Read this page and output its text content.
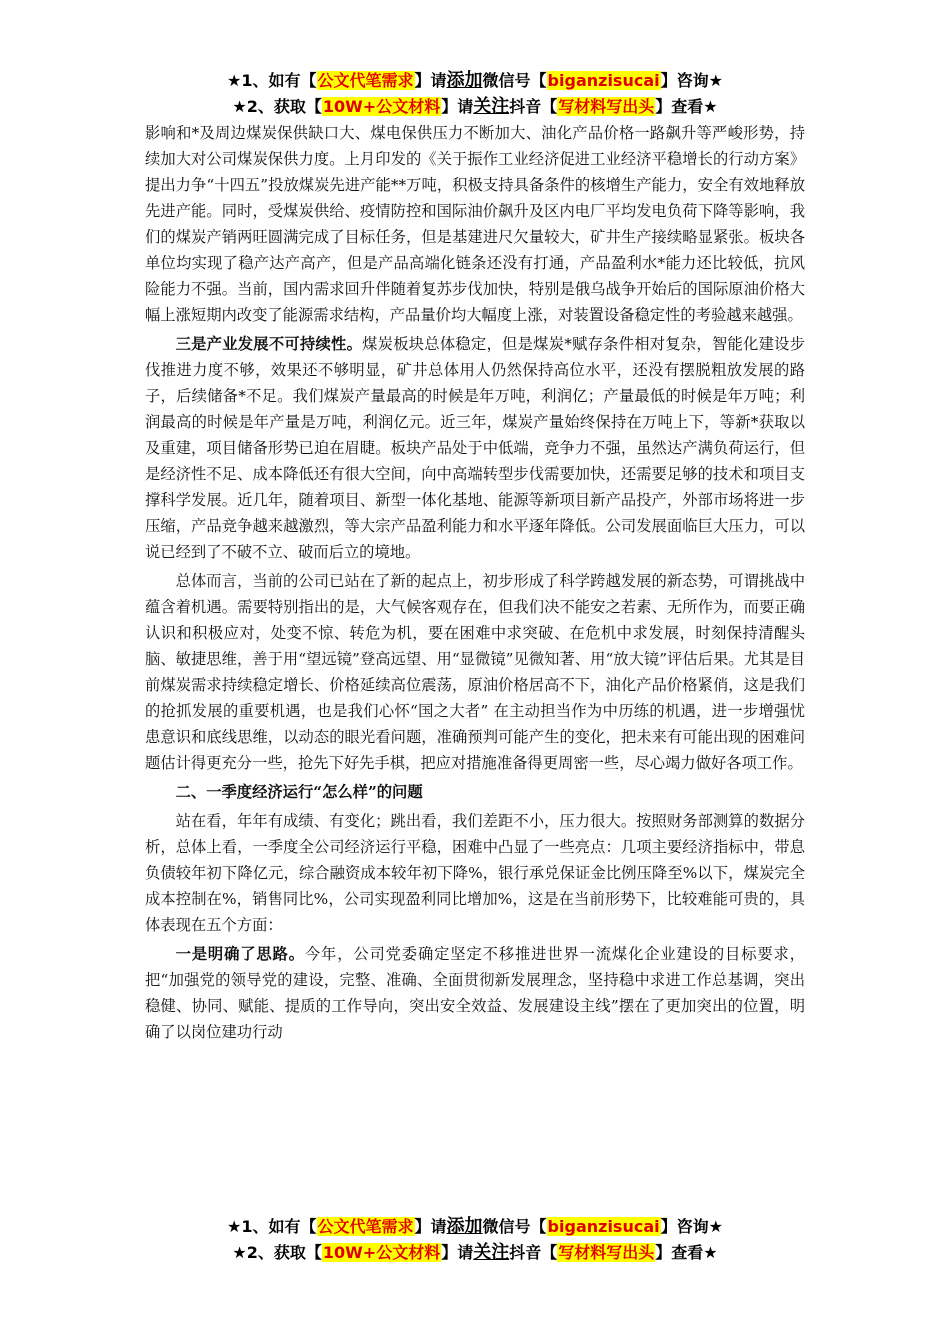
★1、如有【公文代笔需求】请添加微信号【biganzisucai】咨询★
★2、获取【10W+公文材料】请关注抖音【写材料写出头】查看★

影响和*及周边煤炭保供缺口大、煤电保供压力不断加大、油化产品价格一路飙升等严峻形势，持续加大对公司煤炭保供力度。上月印发的《关于振作工业经济促进工业经济平稳增长的行动方案》提出力争“十四五”投放煤炭先进产能**万吨，积极支持具备条件的核增生产能力，安全有效地释放先进产能。同时，受煤炭供给、疫情防控和国际油价飙升及区内电厂平均发电负荷下降等影响，我们的煤炭产销两旺圆满完成了目标任务，但是基建进尺欠量较大，矿井生产接续略显紧张。板块各单位均实现了稳产达产高产，但是产品高端化链条还没有打通，产品盈利水*能力还比较低，抗风险能力不强。当前，国内需求回升伴随着复苏步伐加快，特别是俄乌战争开始后的国际原油价格大幅上涨短期内改变了能源需求结构，产品量价均大幅度上涨，对装置设备稳定性的考验越来越强。

三是产业发展不可持续性。煤炭板块总体稳定，但是煤炭*赋存条件相对复杂，智能化建设步伐推进力度不够，效果还不够明显，矿井总体用人仍然保持高位水平，还没有摆脱粗放发展的路子，后续储备*不足。我们煤炭产量最高的时候是年万吨，利润亿；产量最低的时候是年万吨；利润最高的时候是年产量是万吨，利润亿元。近三年，煤炭产量始终保持在万吨上下，等新*获取以及重建，项目储备形势已迫在眉睫。板块产品处于中低端，竞争力不强，虽然达产满负荷运行，但是经济性不足、成本降低还有很大空间，向中高端转型步伐需要加快，还需要足够的技术和项目支撑科学发展。近几年，随着项目、新型一体化基地、能源等新项目新产品投产，外部市场将进一步压缩，产品竞争越来越激烈，等大宗产品盈利能力和水平逐年降低。公司发展面临巨大压力，可以说已经到了不破不立、破而后立的境地。

总体而言，当前的公司已站在了新的起点上，初步形成了科学跨越发展的新态势，可谓挑战中蕴含着机遇。需要特别指出的是，大气候客观存在，但我们决不能安之若素、无所作为，而要正确认识和积极应对，处变不惊、转危为机，要在困难中求突破、在危机中求发展，时刻保持清醒头脑、敏捷思维，善于用“望远镜”登高远望、用“显微镜”见微知著、用“放大镜”评估后果。尤其是目前煤炭需求持续稳定增长、价格延续高位震荡，原油价格居高不下，油化产品价格紧俏，这是我们的抢抓发展的重要机遇，也是我们心怀“国之大者” 在主动担当作为中历练的机遇，进一步增强忧患意识和底线思维，以动态的眼光看问题，准确预判可能产生的变化，把未来有可能出现的困难问题估计得更充分一些，抢先下好先手棋，把应对措施准备得更周密一些，尽心竭力做好各项工作。

二、一季度经济运行“怎么样”的问题

站在看，年年有成绩、有变化；跳出看，我们差距不小，压力很大。按照财务部测算的数据分析，总体上看，一季度全公司经济运行平稳，困难中凸显了一些亮点：几项主要经济指标中，带息负债较年初下降亿元，综合融资成本较年初下降%，银行承兑保证金比例压降至%以下，煤炭完全成本控制在%，销售同比%，公司实现盈利同比增加%，这是在当前形势下，比较难能可贵的，具体表现在五个方面：

一是明确了思路。今年，公司党委确定坚定不移推进世界一流煤化企业建设的目标要求，把“加强党的领导党的建设，完整、准确、全面贯彻新发展理念，坚持稳中求进工作总基调，突出稳健、协同、赋能、提质的工作导向，突出安全效益、发展建设主线”摆在了更加突出的位置，明确了以岗位建功行动

★1、如有【公文代笔需求】请添加微信号【biganzisucai】咨询★
★2、获取【10W+公文材料】请关注抖音【写材料写出头】查看★
